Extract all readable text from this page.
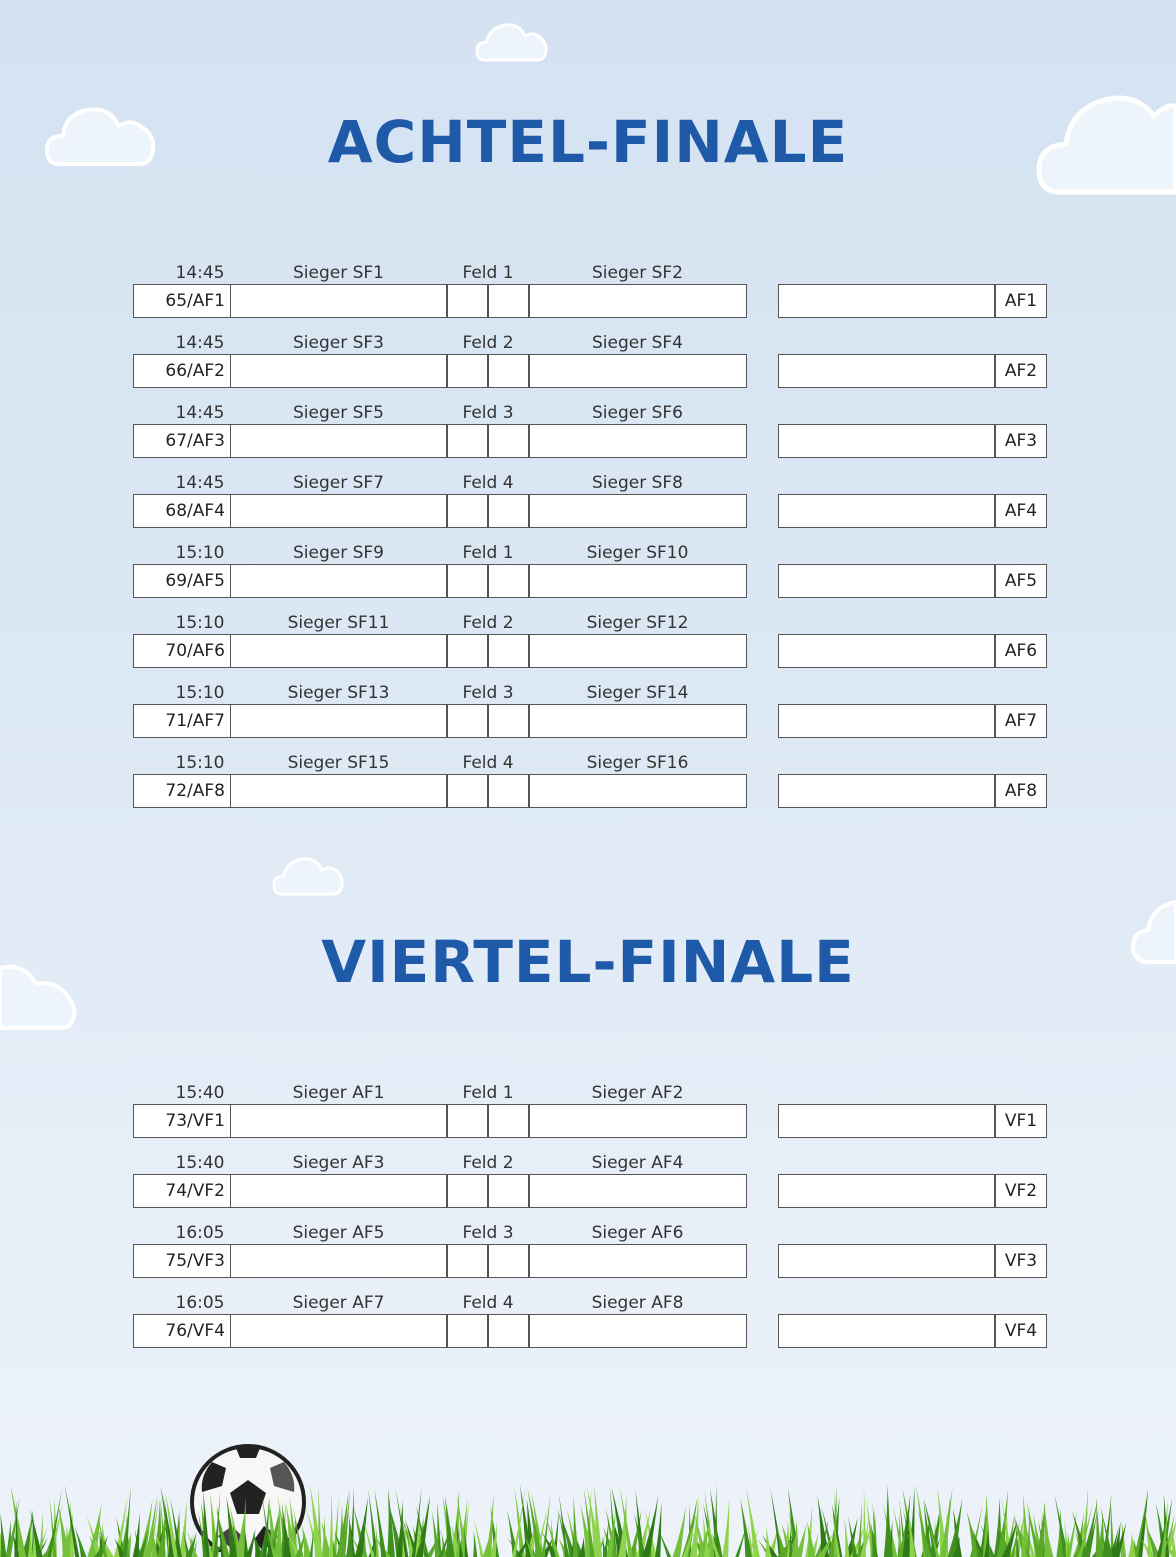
ACHTEL-FINALE
VIERTEL-FINALE
14:45	Sieger SF1	Feld 1	Sieger SF2
65/AF1	AF1
14:45	Sieger SF3	Feld 2	Sieger SF4
66/AF2	AF2
14:45	Sieger SF5	Feld 3	Sieger SF6
67/AF3	AF3
14:45	Sieger SF7	Feld 4	Sieger SF8
68/AF4	AF4
15:10	Sieger SF9	Feld 1	Sieger SF10
69/AF5	AF5
15:10	Sieger SF11	Feld 2	Sieger SF12
70/AF6	AF6
15:10	Sieger SF13	Feld 3	Sieger SF14
71/AF7	AF7
15:10	Sieger SF15	Feld 4	Sieger SF16
72/AF8	AF8
15:40	Sieger AF1	Feld 1	Sieger AF2
73/VF1	VF1
15:40	Sieger AF3	Feld 2	Sieger AF4
74/VF2	VF2
16:05	Sieger AF5	Feld 3	Sieger AF6
75/VF3	VF3
16:05	Sieger AF7	Feld 4	Sieger AF8
76/VF4	VF4
